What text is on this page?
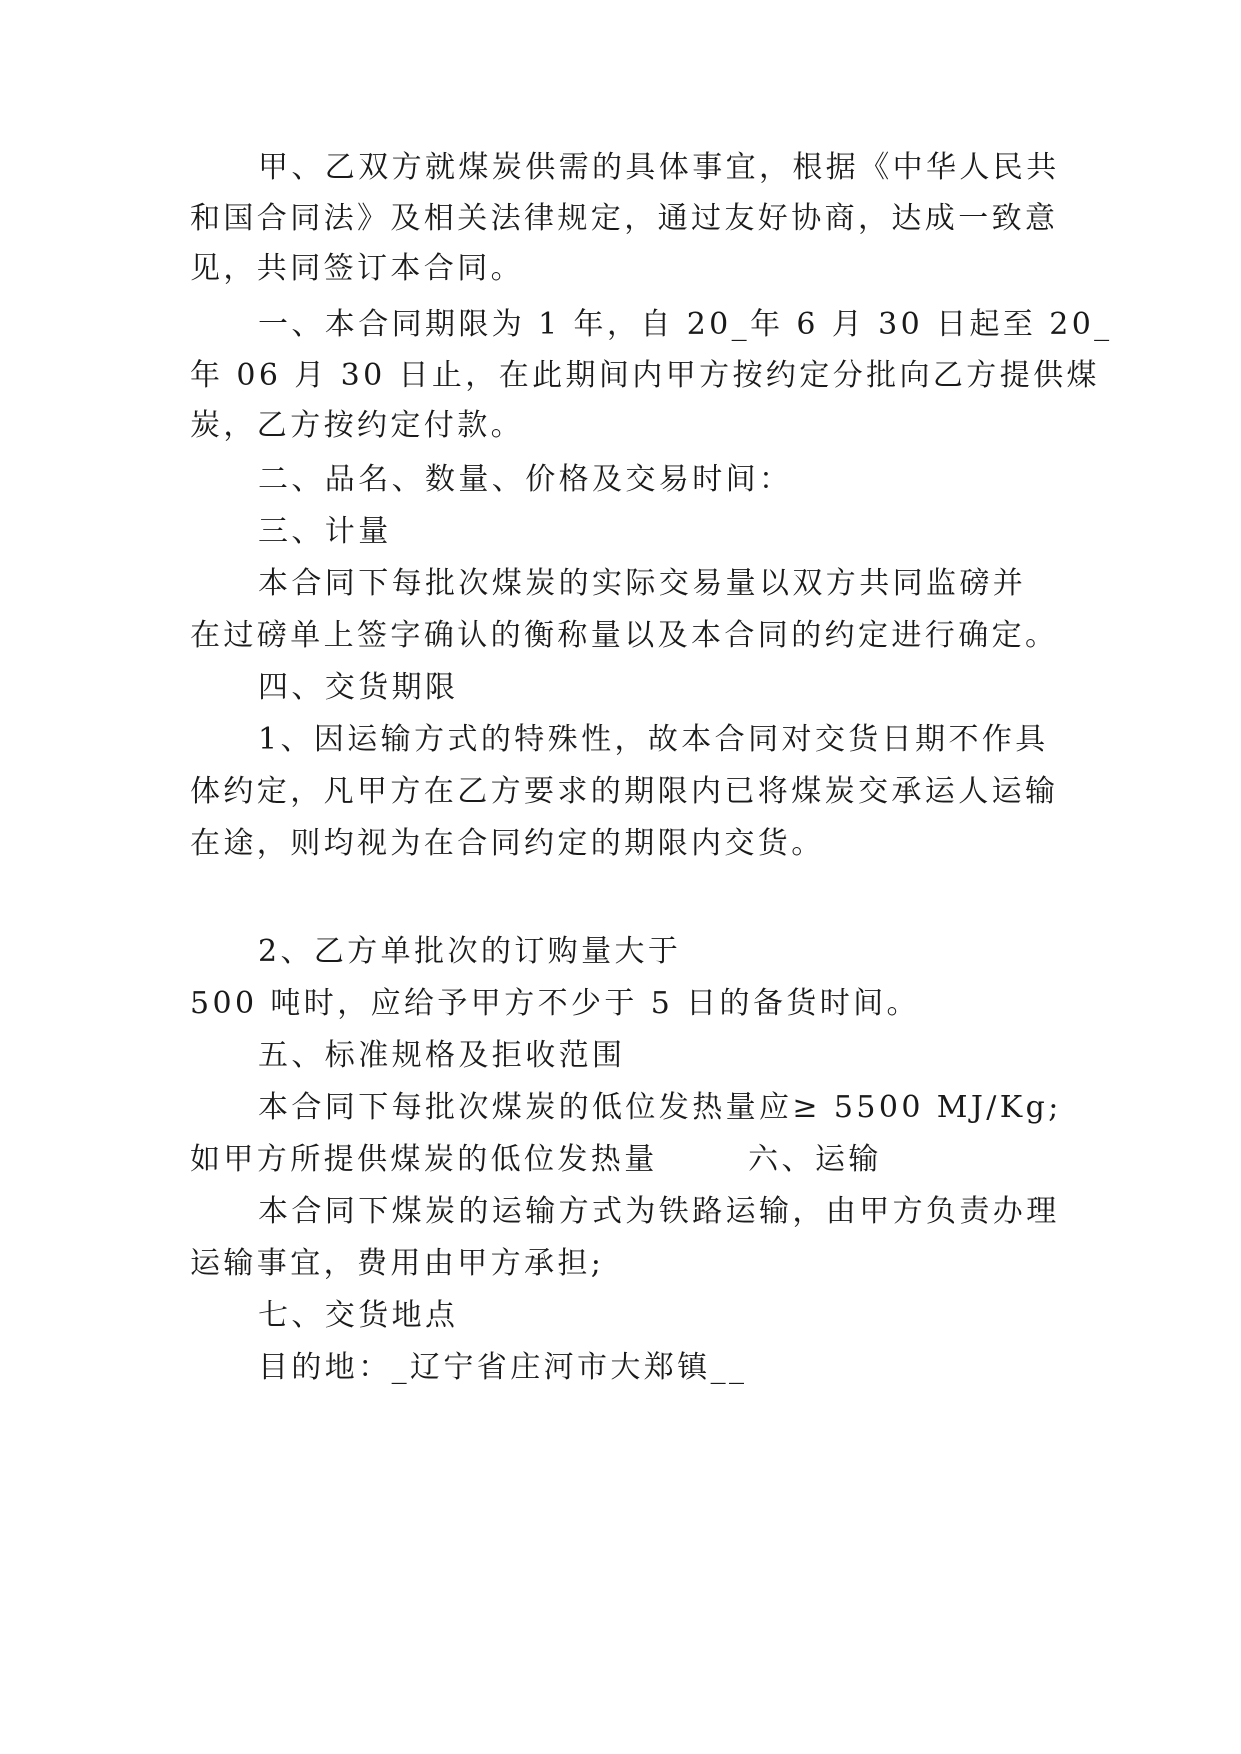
甲、乙双方就煤炭供需的具体事宜，根据《中华人民共
和国合同法》及相关法律规定，通过友好协商，达成一致意
见，共同签订本合同。
一、本合同期限为 1 年，自 20_年 6 月 30 日起至 20_
年 06 月 30 日止，在此期间内甲方按约定分批向乙方提供煤
炭，乙方按约定付款。
二、品名、数量、价格及交易时间：
三、计量
本合同下每批次煤炭的实际交易量以双方共同监磅并
在过磅单上签字确认的衡称量以及本合同的约定进行确定。
四、交货期限
1、因运输方式的特殊性，故本合同对交货日期不作具
体约定，凡甲方在乙方要求的期限内已将煤炭交承运人运输
在途，则均视为在合同约定的期限内交货。
2、乙方单批次的订购量大于
500 吨时，应给予甲方不少于 5 日的备货时间。
五、标准规格及拒收范围
本合同下每批次煤炭的低位发热量应≥ 5500 MJ/Kg;
如甲方所提供煤炭的低位发热量       六、运输
本合同下煤炭的运输方式为铁路运输，由甲方负责办理
运输事宜，费用由甲方承担;
七、交货地点
目的地：_辽宁省庄河市大郑镇__
